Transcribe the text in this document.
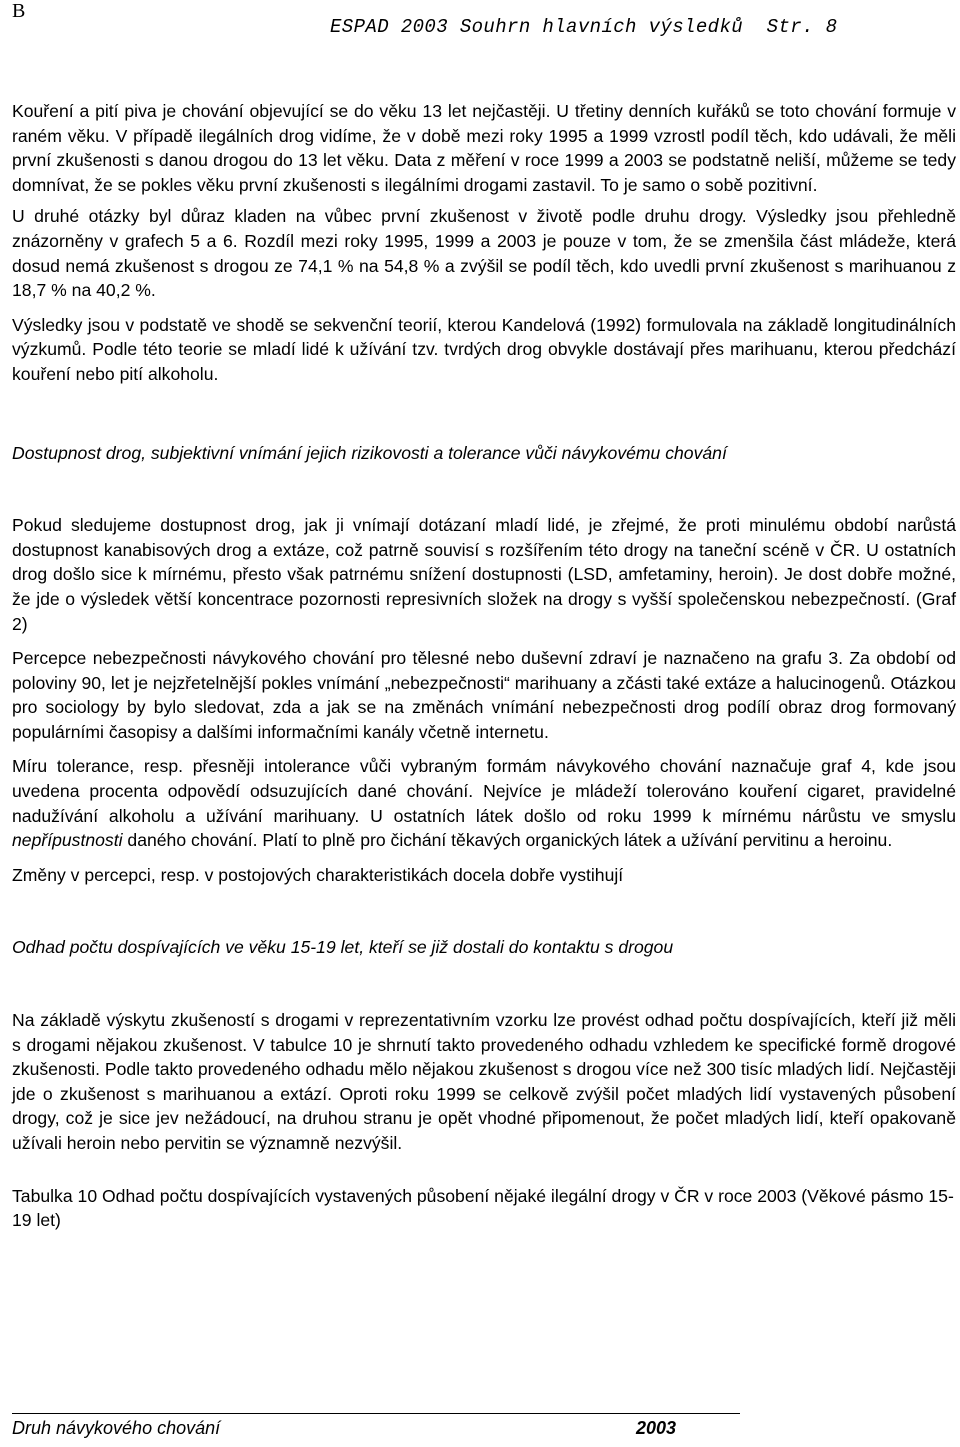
B
ESPAD 2003 Souhrn hlavních výsledků  Str. 8

Kouření a pití piva je chování objevující se do věku 13 let nejčastěji. U třetiny denních kuřáků se toto chování formuje v raném věku. V případě ilegálních drog vidíme, že v době mezi roky 1995 a 1999 vzrostl podíl těch, kdo udávali, že měli první zkušenosti s danou drogou do 13 let věku. Data z měření v roce 1999 a 2003 se podstatně neliší, můžeme se tedy domnívat, že se pokles věku první zkušenosti s ilegálními drogami zastavil. To je samo o sobě pozitivní.

U druhé otázky byl důraz kladen na vůbec první zkušenost v životě podle druhu drogy. Výsledky jsou přehledně znázorněny v grafech 5 a 6. Rozdíl mezi roky 1995, 1999 a 2003 je pouze v tom, že se zmenšila část mládeže, která dosud nemá zkušenost s drogou ze 74,1 % na 54,8 % a zvýšil se podíl těch, kdo uvedli první zkušenost s marihuanou z 18,7 % na 40,2 %.

Výsledky jsou v podstatě ve shodě se sekvenční teorií, kterou Kandelová (1992) formulovala na základě longitudinálních výzkumů. Podle této teorie se mladí lidé k užívání tzv. tvrdých drog obvykle dostávají přes marihuanu, kterou předchází kouření nebo pití alkoholu.

Dostupnost drog, subjektivní vnímání jejich rizikovosti a tolerance vůči návykovému chování

Pokud sledujeme dostupnost drog, jak ji vnímají dotázaní mladí lidé, je zřejmé, že proti minulému období narůstá dostupnost kanabisových drog a extáze, což patrně souvisí s rozšířením této drogy na taneční scéně v ČR. U ostatních drog došlo sice k mírnému, přesto však patrnému snížení dostupnosti (LSD, amfetaminy, heroin). Je dost dobře možné, že jde o výsledek větší koncentrace pozornosti represivních složek na drogy s vyšší společenskou nebezpečností. (Graf 2)

Percepce nebezpečnosti návykového chování pro tělesné nebo duševní zdraví je naznačeno na grafu 3. Za období od poloviny 90, let je nejzřetelnější pokles vnímání „nebezpečnosti“ marihuany a zčásti také extáze a halucinogenů. Otázkou pro sociology by bylo sledovat, zda a jak se na změnách vnímání nebezpečnosti drog podílí obraz drog formovaný populárními časopisy a dalšími informačními kanály včetně internetu.

Míru tolerance, resp. přesněji intolerance vůči vybraným formám návykového chování naznačuje graf 4, kde jsou uvedena procenta odpovědí odsuzujících dané chování. Nejvíce je mládeží tolerováno kouření cigaret, pravidelné nadužívání alkoholu a užívání marihuany. U ostatních látek došlo od roku 1999 k mírnému nárůstu ve smyslu nepřípustnosti daného chování. Platí to plně pro čichání těkavých organických látek a užívání pervitinu a heroinu.

Změny v percepci, resp. v postojových charakteristikách docela dobře vystihují

Odhad počtu dospívajících ve věku 15-19 let, kteří se již dostali do kontaktu s drogou

Na základě výskytu zkušeností s drogami v reprezentativním vzorku lze provést odhad počtu dospívajících, kteří již měli s drogami nějakou zkušenost. V tabulce 10 je shrnutí takto provedeného odhadu vzhledem ke specifické formě drogové zkušenosti. Podle takto provedeného odhadu mělo nějakou zkušenost s drogou více než 300 tisíc mladých lidí. Nejčastěji jde o zkušenost s marihuanou a extází. Oproti roku 1999 se celkově zvýšil počet mladých lidí vystavených působení drogy, což je sice jev nežádoucí, na druhou stranu je opět vhodné připomenout, že počet mladých lidí, kteří opakovaně užívali heroin nebo pervitin se významně nezvýšil.

Tabulka 10 Odhad počtu dospívajících vystavených působení nějaké ilegální drogy v ČR v roce 2003 (Věkové pásmo 15-19 let)

Druh návykového chování	2003
